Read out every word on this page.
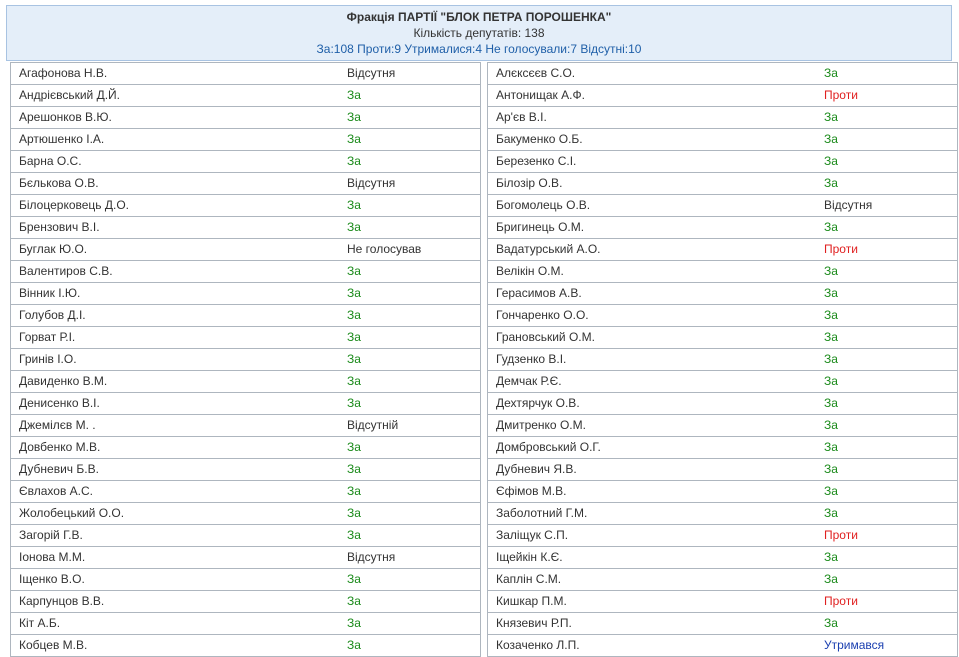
Фракція ПАРТІЇ "БЛОК ПЕТРА ПОРОШЕНКА"
Кількість депутатів: 138
За:108 Проти:9 Утрималися:4 Не голосували:7 Відсутні:10
Агафонова Н.В.	Відсутня
Андрієвський Д.Й.	За
Арешонков В.Ю.	За
Артюшенко І.А.	За
Барна О.С.	За
Бєлькова О.В.	Відсутня
Білоцерковець Д.О.	За
Брензович В.І.	За
Буглак Ю.О.	Не голосував
Валентиров С.В.	За
Вінник І.Ю.	За
Голубов Д.І.	За
Горват Р.І.	За
Гринів І.О.	За
Давиденко В.М.	За
Денисенко В.І.	За
Джемілєв М. .	Відсутній
Довбенко М.В.	За
Дубневич Б.В.	За
Євлахов А.С.	За
Жолобецький О.О.	За
Загорій Г.В.	За
Іонова М.М.	Відсутня
Іщенко В.О.	За
Карпунцов В.В.	За
Кіт А.Б.	За
Кобцев М.В.	За
Алєксєєв С.О.	За
Антонищак А.Ф.	Проти
Ар'єв В.І.	За
Бакуменко О.Б.	За
Березенко С.І.	За
Білозір О.В.	За
Богомолець О.В.	Відсутня
Бригинець О.М.	За
Вадатурський А.О.	Проти
Велікін О.М.	За
Герасимов А.В.	За
Гончаренко О.О.	За
Грановський О.М.	За
Гудзенко В.І.	За
Демчак Р.Є.	За
Дехтярчук О.В.	За
Дмитренко О.М.	За
Домбровський О.Г.	За
Дубневич Я.В.	За
Єфімов М.В.	За
Заболотний Г.М.	За
Заліщук С.П.	Проти
Іщейкін К.Є.	За
Каплін С.М.	За
Кишкар П.М.	Проти
Князевич Р.П.	За
Козаченко Л.П.	Утримався
